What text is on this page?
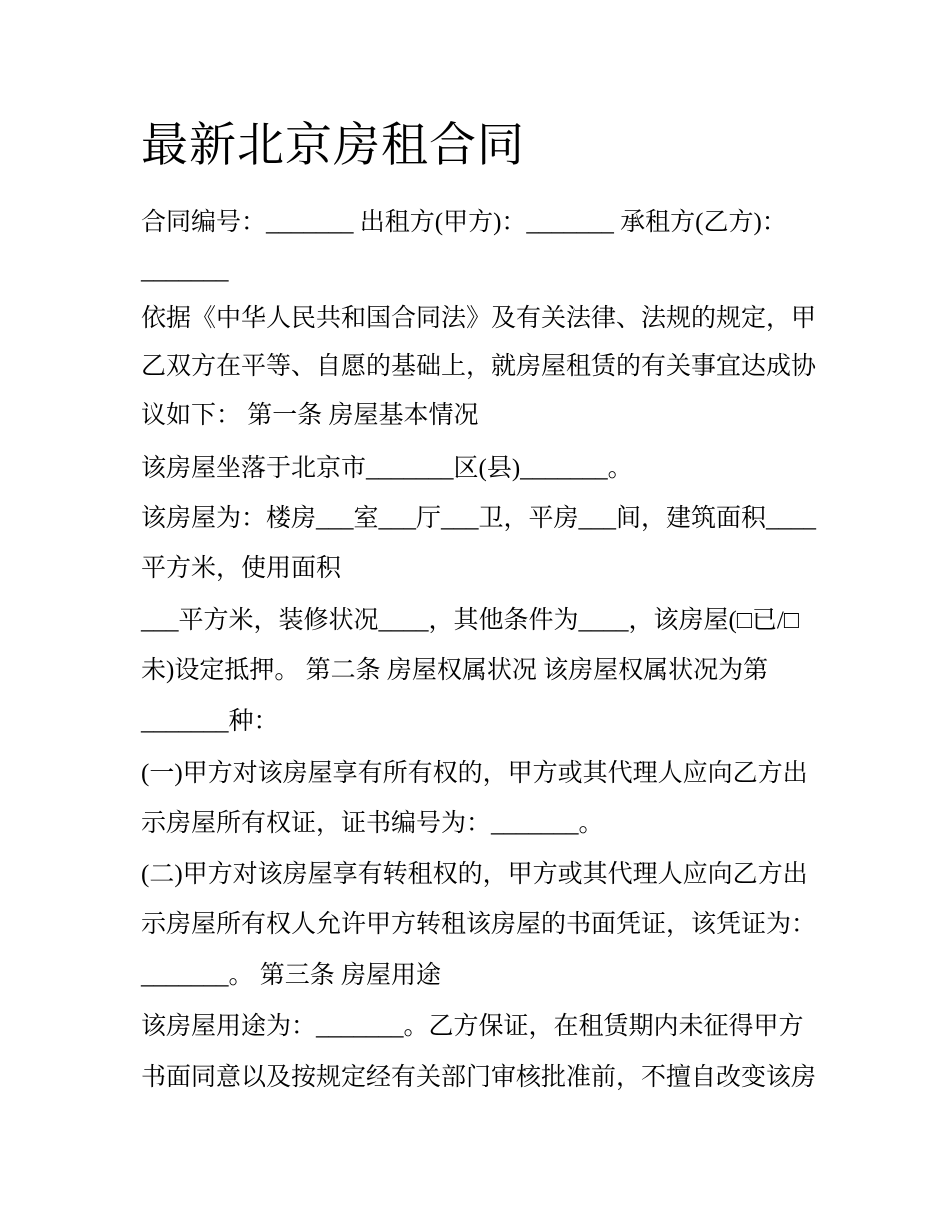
最新北京房租合同
合同编号：_______ 出租方(甲方)：_______ 承租方(乙方)：
_______
依据《中华人民共和国合同法》及有关法律、法规的规定，甲
乙双方在平等、自愿的基础上，就房屋租赁的有关事宜达成协
议如下： 第一条 房屋基本情况
该房屋坐落于北京市_______区(县)_______。
该房屋为：楼房___室___厅___卫，平房___间，建筑面积____
平方米，使用面积
___平方米，装修状况____，其他条件为____，该房屋(□已/□
未)设定抵押。 第二条 房屋权属状况 该房屋权属状况为第
_______种：
(一)甲方对该房屋享有所有权的，甲方或其代理人应向乙方出
示房屋所有权证，证书编号为：_______。
(二)甲方对该房屋享有转租权的，甲方或其代理人应向乙方出
示房屋所有权人允许甲方转租该房屋的书面凭证，该凭证为：
_______。 第三条 房屋用途
该房屋用途为：_______。乙方保证，在租赁期内未征得甲方
书面同意以及按规定经有关部门审核批准前，不擅自改变该房
